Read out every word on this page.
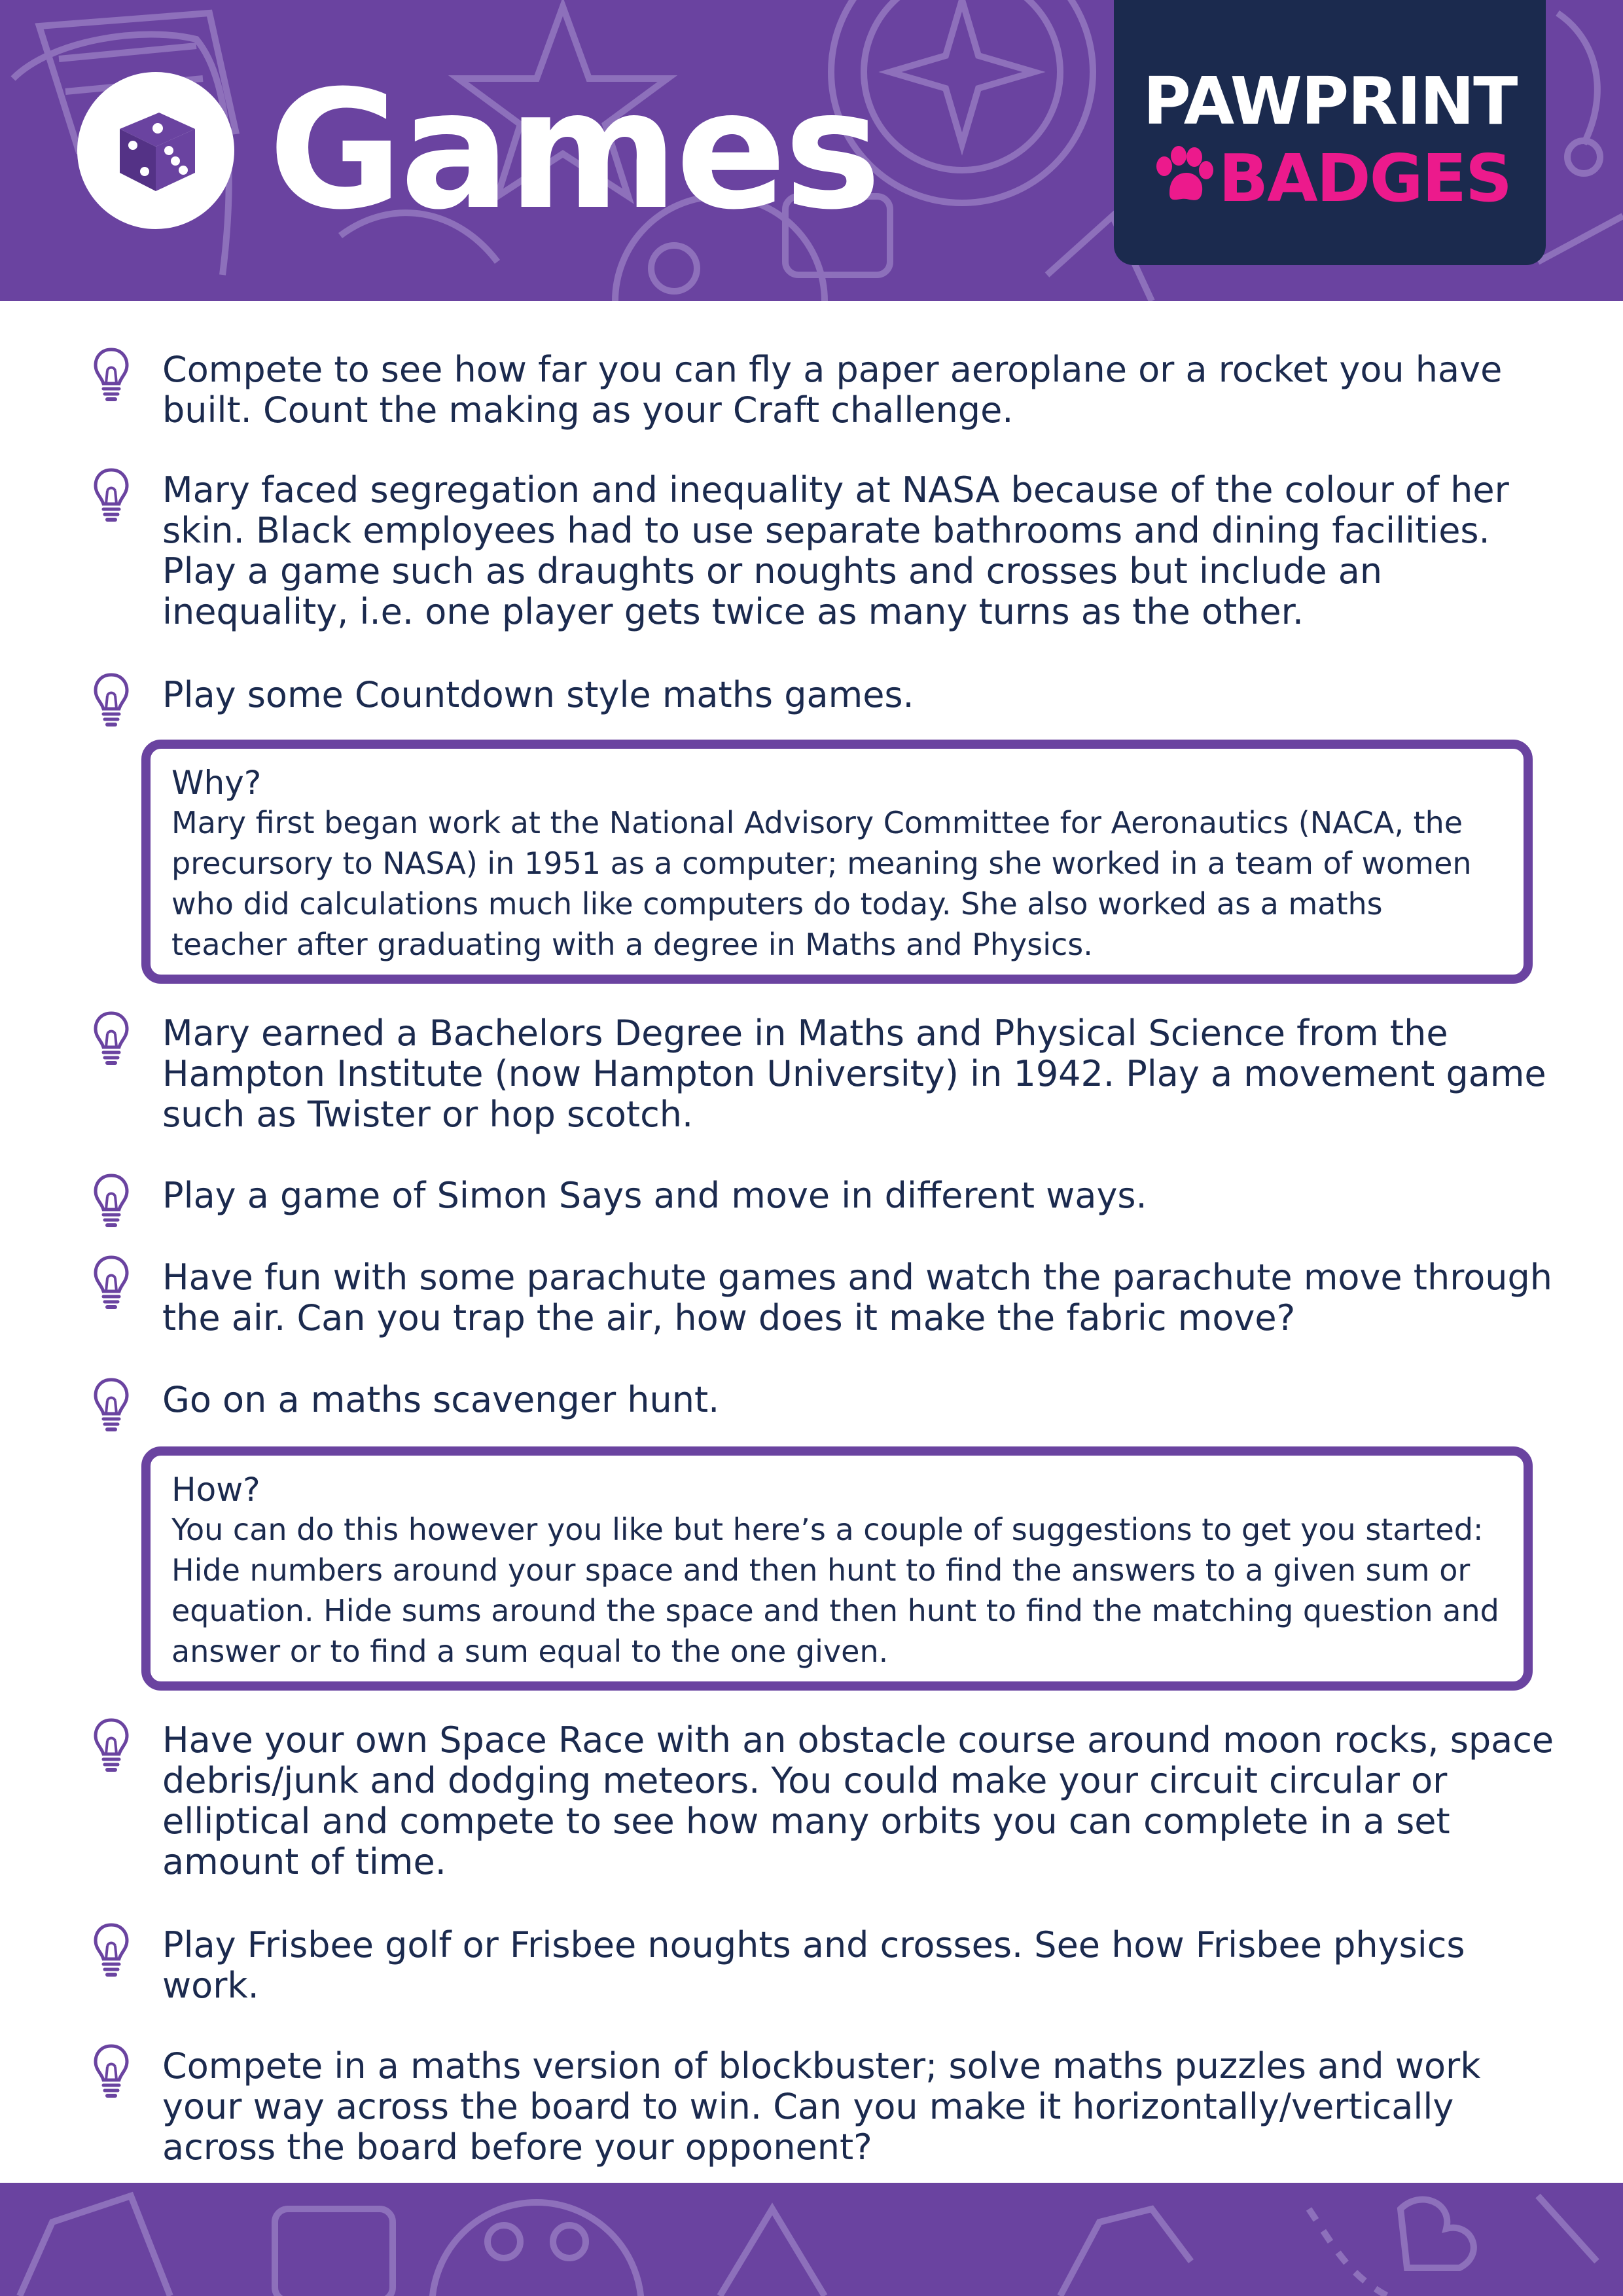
Games	PAWPRINT
BADGES

Compete to see how far you can fly a paper aeroplane or a rocket you have built. Count the making as your Craft challenge.

Mary faced segregation and inequality at NASA because of the colour of her skin. Black employees had to use separate bathrooms and dining facilities. Play a game such as draughts or noughts and crosses but include an inequality, i.e. one player gets twice as many turns as the other.

Play some Countdown style maths games.

Why?

Mary first began work at the National Advisory Committee for Aeronautics (NACA, the precursory to NASA) in 1951 as a computer; meaning she worked in a team of women who did calculations much like computers do today. She also worked as a maths teacher after graduating with a degree in Maths and Physics.

Mary earned a Bachelors Degree in Maths and Physical Science from the Hampton Institute (now Hampton University) in 1942. Play a movement game such as Twister or hop scotch.

Play a game of Simon Says and move in different ways.

Have fun with some parachute games and watch the parachute move through the air. Can you trap the air, how does it make the fabric move?

Go on a maths scavenger hunt.

How?

You can do this however you like but here’s a couple of suggestions to get you started: Hide numbers around your space and then hunt to find the answers to a given sum or equation. Hide sums around the space and then hunt to find the matching question and answer or to find a sum equal to the one given.

Have your own Space Race with an obstacle course around moon rocks, space debris/junk and dodging meteors. You could make your circuit circular or elliptical and compete to see how many orbits you can complete in a set amount of time.

Play Frisbee golf or Frisbee noughts and crosses. See how Frisbee physics work.

Compete in a maths version of blockbuster; solve maths puzzles and work your way across the board to win. Can you make it horizontally/vertically across the board before your opponent?
